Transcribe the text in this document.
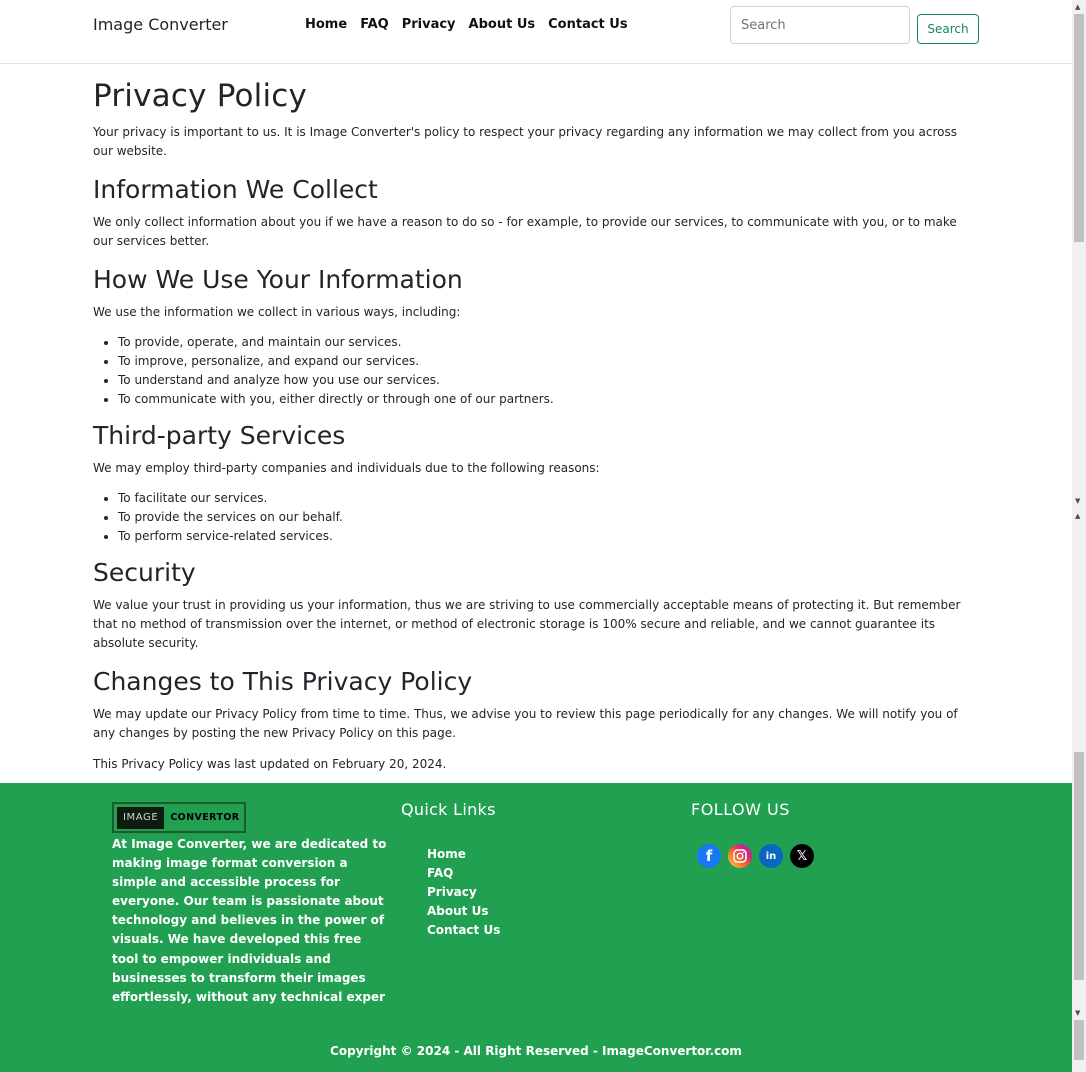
Image Converter	Home FAQ Privacy About Us Contact Us
Search	Search
Privacy Policy

Your privacy is important to us. It is Image Converter's policy to respect your privacy regarding any information we may collect from you across our website.

Information We Collect

We only collect information about you if we have a reason to do so - for example, to provide our services, to communicate with you, or to make our services better.

How We Use Your Information

We use the information we collect in various ways, including:

• To provide, operate, and maintain our services.
• To improve, personalize, and expand our services.
• To understand and analyze how you use our services.
• To communicate with you, either directly or through one of our partners.
Third-party Services

We may employ third-party companies and individuals due to the following reasons:

• To facilitate our services.
• To provide the services on our behalf.
• To perform service-related services.
Security

We value your trust in providing us your information, thus we are striving to use commercially acceptable means of protecting it. But remember that no method of transmission over the internet, or method of electronic storage is 100% secure and reliable, and we cannot guarantee its absolute security.

Changes to This Privacy Policy

We may update our Privacy Policy from time to time. Thus, we advise you to review this page periodically for any changes. We will notify you of any changes by posting the new Privacy Policy on this page.

This Privacy Policy was last updated on February 20, 2024.

IMAGE	CONVERTOR
At Image Converter, we are dedicated to making image format conversion a simple and accessible process for everyone. Our team is passionate about technology and believes in the power of visuals. We have developed this free tool to empower individuals and businesses to transform their images effortlessly, without any technical exper
Quick Links
Home
FAQ
Privacy
About Us
Contact Us
FOLLOW US
f	in	𝕏
Copyright © 2024 - All Right Reserved - ImageConvertor.com
▲
▼
▲
▼
